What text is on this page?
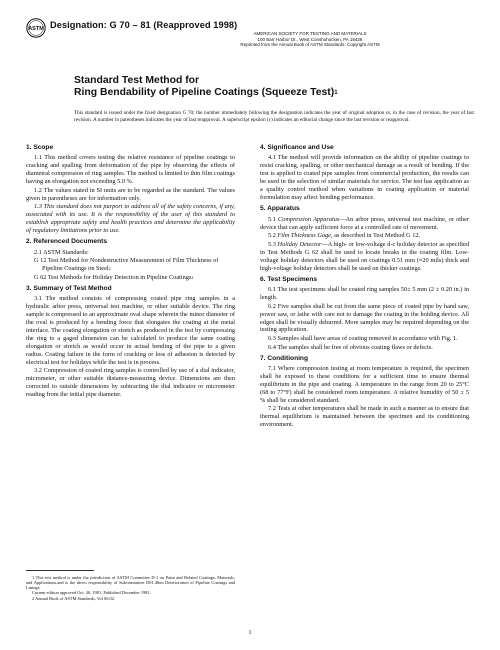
ASTM Designation: G 70 – 81 (Reapproved 1998)
AMERICAN SOCIETY FOR TESTING AND MATERIALS
100 Barr Harbor Dr., West Conshohocken, PA 19428
Reprinted from the Annual Book of ASTM Standards. Copyright ASTM
Standard Test Method for
Ring Bendability of Pipeline Coatings (Squeeze Test)$^1$
This standard is issued under the fixed designation G 70; the number immediately following the designation indicates the year of original adoption or, in the case of revision, the year of last revision. A number in parentheses indicates the year of last reapproval. A superscript epsilon (ε) indicates an editorial change since the last revision or reapproval.
1. Scope

1.1 This method covers testing the relative resistance of pipeline coatings to cracking and spalling from deformation of the pipe by observing the effects of diametral compression of ring samples. The method is limited to thin film coatings having an elongation not exceeding 5.0 %.

1.2 The values stated in SI units are to be regarded as the standard. The values given in parentheses are for information only.

1.3 This standard does not purport to address all of the safety concerns, if any, associated with its use. It is the responsibility of the user of this standard to establish appropriate safety and health practices and determine the applicability of regulatory limitations prior to use.

2. Referenced Documents

2.1 ASTM Standards:

G 12 Test Method for Nondestructive Measurement of Film Thickness of Pipeline Coatings on Steel$^2$

G 62 Test Methods for Holiday Detection in Pipeline Coatings$^2$

3. Summary of Test Method

3.1 The method consists of compressing coated pipe ring samples in a hydraulic arbor press, universal test machine, or other suitable device. The ring sample is compressed to an approximate oval shape wherein the minor diameter of the oval is produced by a bending force that elongates the coating at the metal interface. The coating elongation or stretch as produced in the test by compressing the ring to a gaged dimension can be calculated to produce the same coating elongation or stretch as would occur in actual bending of the pipe to a given radius. Coating failure in the form of cracking or loss of adhesion is detected by electrical test for holidays while the test is in process.

3.2 Compression of coated ring samples is controlled by use of a dial indicator, micrometer, or other suitable distance-measuring device. Dimensions are then corrected to outside dimensions by subtracting the dial indicator or micrometer reading from the initial pipe diameter.

1 This test method is under the jurisdiction of ASTM Committee D-1 on Paint and Related Coatings, Materials, and Applications,and is the direct responsibility of Subcommittee D01.48on Deterioration of Pipeline Coatings and Linings.

Current edition approved Oct. 30, 1981. Published December 1981.

2 Annual Book of ASTM Standards, Vol 06.02.

4. Significance and Use

4.1 The method will provide information on the ability of pipeline coatings to resist cracking, spalling, or other mechanical damage as a result of bending. If the test is applied to coated pipe samples from commercial production, the results can be used in the selection of similar materials for service. The test has application as a quality control method when variations in coating application or material formulation may affect bending performance.

5. Apparatus

5.1 Compression Apparatus—An arbor press, universal test machine, or other device that can apply sufficient force at a controlled rate of movement.

5.2 Film Thickness Gage, as described in Test Method G 12.

5.3 Holiday Detector—A high- or low-voltage d-c holiday detector as specified in Test Methods G 62 shall be used to locate breaks in the coating film. Low-voltage holiday detectors shall be used on coatings 0.51 mm (≈20 mils) thick and high-voltage holiday detectors shall be used on thicker coatings.

6. Test Specimens

6.1 The test specimens shall be coated ring samples 50± 5 mm (2 ± 0.20 in.) in length.

6.2 Five samples shall be cut from the same piece of coated pipe by hand saw, power saw, or lathe with care not to damage the coating in the holding device. All edges shall be visually deburred. More samples may be required depending on the testing application.

6.3 Samples shall have areas of coating removed in accordance with Fig. 1.

6.4 The samples shall be free of obvious coating flaws or defects.

7. Conditioning

7.1 Where compression testing at room temperature is required, the specimen shall be exposed to these conditions for a sufficient time to ensure thermal equilibrium in the pipe and coating. A temperature in the range from 20 to 25°C (68 to 77°F) shall be considered room temperature. A relative humidity of 50 ± 5 % shall be considered standard.

7.2 Tests at other temperatures shall be made in such a manner as to ensure that thermal equilibrium is maintained between the specimen and its conditioning environment.

1
